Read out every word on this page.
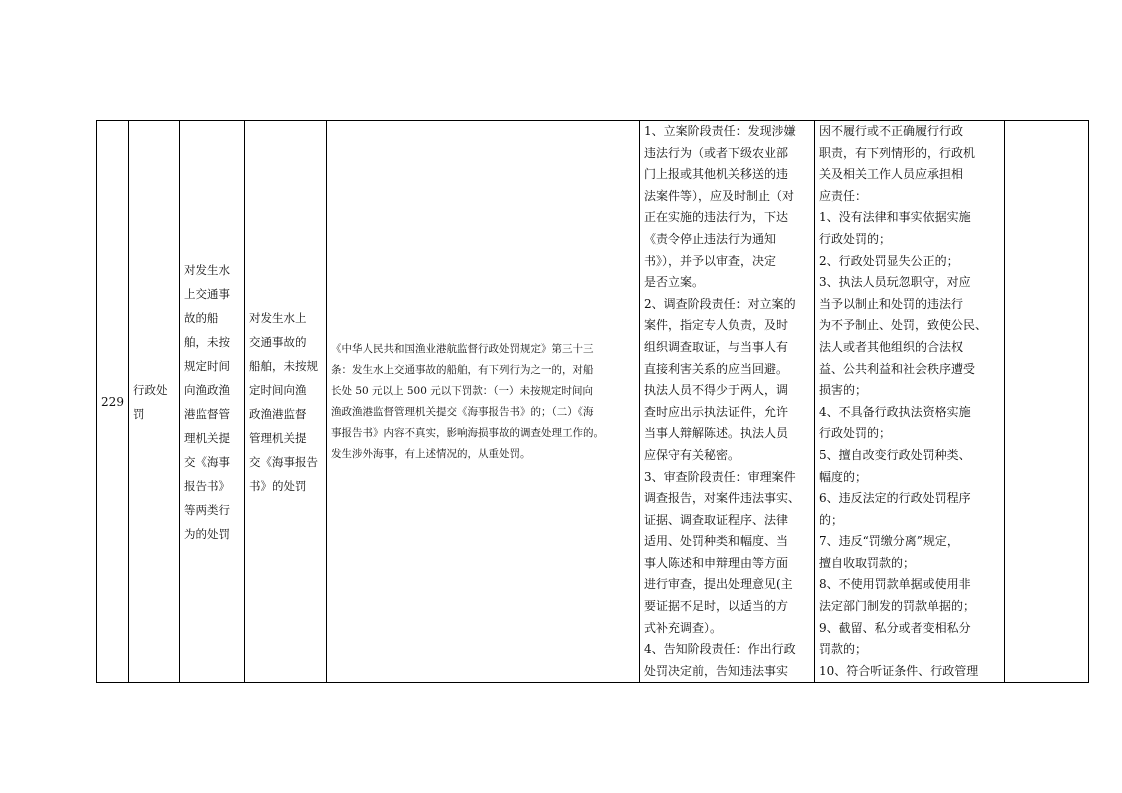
229	行政处罚	
对发生水
上交通事
故的船
舶，未按
规定时间
向渔政渔
港监督管
理机关提
交《海事
报告书》
等两类行
为的处罚

对发生水上
交通事故的
船舶，未按规
定时间向渔
政渔港监督
管理机关提
交《海事报告
书》的处罚

《中华人民共和国渔业港航监督行政处罚规定》第三十三
条：发生水上交通事故的船舶，有下列行为之一的，对船
长处 50 元以上 500 元以下罚款：（一）未按规定时间向
渔政渔港监督管理机关提交《海事报告书》的；（二）《海
事报告书》内容不真实，影响海损事故的调查处理工作的。
发生涉外海事，有上述情况的，从重处罚。

1、立案阶段责任：发现涉嫌
违法行为（或者下级农业部
门上报或其他机关移送的违
法案件等），应及时制止（对
正在实施的违法行为，下达
《责令停止违法行为通知
书》），并予以审查，决定
是否立案。
2、调查阶段责任：对立案的
案件，指定专人负责，及时
组织调查取证，与当事人有
直接利害关系的应当回避。
执法人员不得少于两人，调
查时应出示执法证件，允许
当事人辩解陈述。执法人员
应保守有关秘密。
3、审查阶段责任：审理案件
调查报告，对案件违法事实、
证据、调查取证程序、法律
适用、处罚种类和幅度、当
事人陈述和申辩理由等方面
进行审查，提出处理意见(主
要证据不足时，以适当的方
式补充调查）。
4、告知阶段责任：作出行政
处罚决定前，告知违法事实

因不履行或不正确履行行政
职责，有下列情形的，行政机
关及相关工作人员应承担相
应责任：
1、没有法律和事实依据实施
行政处罚的；
2、行政处罚显失公正的；
3、执法人员玩忽职守，对应
当予以制止和处罚的违法行
为不予制止、处罚，致使公民、
法人或者其他组织的合法权
益、公共利益和社会秩序遭受
损害的；
4、不具备行政执法资格实施
行政处罚的；
5、擅自改变行政处罚种类、
幅度的；
6、违反法定的行政处罚程序
的；
7、违反“罚缴分离”规定，
擅自收取罚款的；
8、不使用罚款单据或使用非
法定部门制发的罚款单据的；
9、截留、私分或者变相私分
罚款的；
10、符合听证条件、行政管理
